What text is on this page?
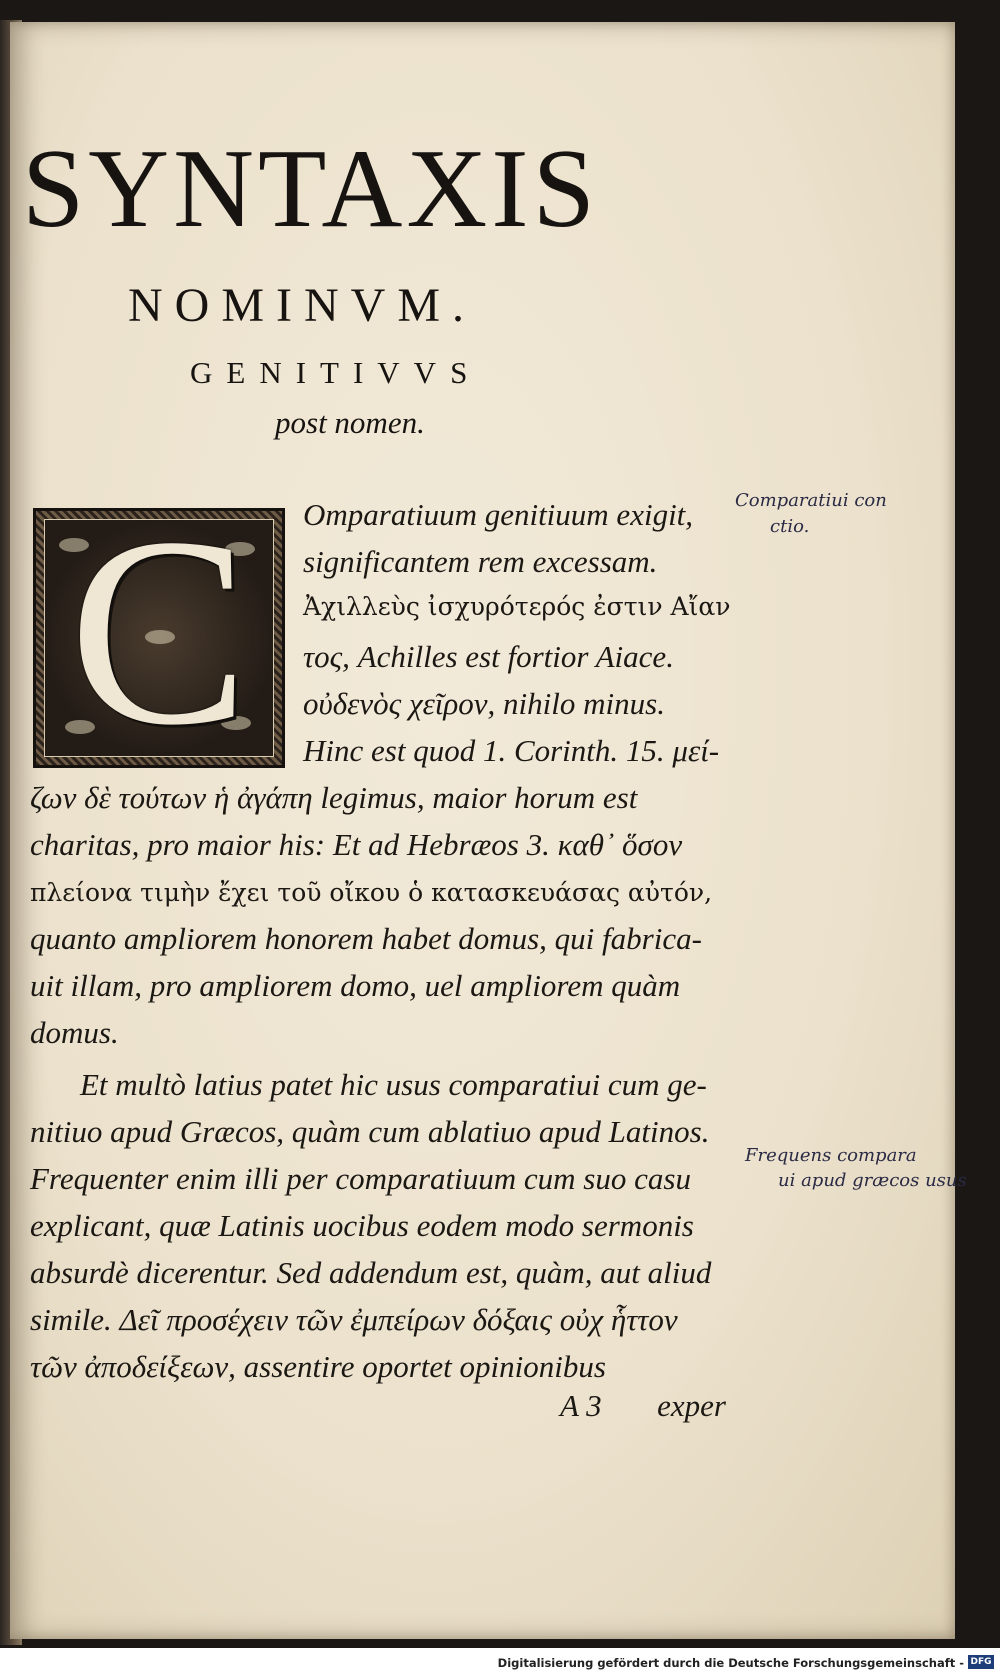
SYNTAXIS
NOMINVM.
GENITIVVS
post nomen.
C	Omparatiuum genitiuum exigit,
significantem rem excessam.
Ἀχιλλεὺς ἰσχυρότερός ἐστιν Αἴαν
τος, Achilles est fortior Aiace.
οὐδενὸς χεῖρον, nihilo minus.
Hinc est quod 1. Corinth. 15. μεί-
ζων δὲ τούτων ἡ ἀγάπη legimus, maior horum est
charitas, pro maior his: Et ad Hebræos 3. καθ᾽ ὅσον
πλείονα τιμὴν ἔχει τοῦ οἴκου ὁ κατασκευάσας αὐτόν,
quanto ampliorem honorem habet domus, qui fabrica-
uit illam, pro ampliorem domo, uel ampliorem quàm
domus.
Et multò latius patet hic usus comparatiui cum ge-
nitiuo apud Græcos, quàm cum ablatiuo apud Latinos.
Frequenter enim illi per comparatiuum cum suo casu
explicant, quæ Latinis uocibus eodem modo sermonis
absurdè dicerentur. Sed addendum est, quàm, aut aliud
simile. Δεῖ προσέχειν τῶν ἐμπείρων δόξαις οὐχ ἧττον
τῶν ἀποδείξεων, assentire oportet opinionibus
Comparatiui con
ctio.
Frequens compara
ui apud græcos usus
A 3 exper
Digitalisierung gefördert durch die Deutsche Forschungsgemeinschaft - DFG
